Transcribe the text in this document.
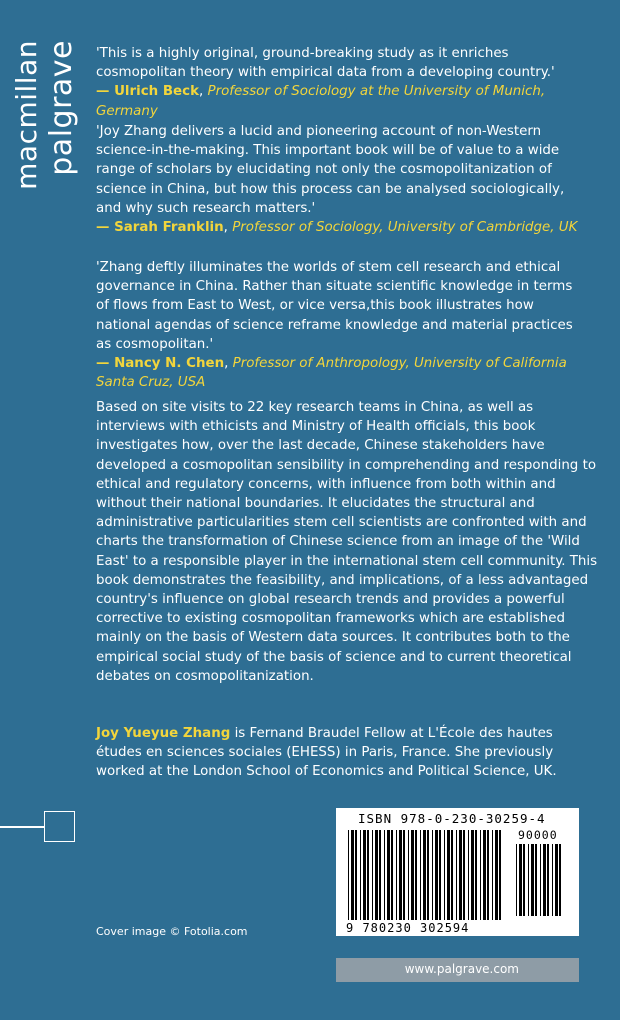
palgrave
macmillan	'This is a highly original, ground-breaking study as it enriches cosmopolitan theory with empirical data from a developing country.'

— Ulrich Beck, Professor of Sociology at the University of Munich, Germany

'Joy Zhang delivers a lucid and pioneering account of non-Western science-in-the-making. This important book will be of value to a wide range of scholars by elucidating not only the cosmopolitanization of science in China, but how this process can be analysed sociologically, and why such research matters.'

— Sarah Franklin, Professor of Sociology, University of Cambridge, UK

'Zhang deftly illuminates the worlds of stem cell research and ethical governance in China. Rather than situate scientific knowledge in terms of flows from East to West, or vice versa,this book illustrates how national agendas of science reframe knowledge and material practices as cosmopolitan.'

— Nancy N. Chen, Professor of Anthropology, University of California Santa Cruz, USA

Based on site visits to 22 key research teams in China, as well as interviews with ethicists and Ministry of Health officials, this book investigates how, over the last decade, Chinese stakeholders have developed a cosmopolitan sensibility in comprehending and responding to ethical and regulatory concerns, with influence from both within and without their national boundaries. It elucidates the structural and administrative particularities stem cell scientists are confronted with and charts the transformation of Chinese science from an image of the 'Wild East' to a responsible player in the international stem cell community. This book demonstrates the feasibility, and implications, of a less advantaged country's influence on global research trends and provides a powerful corrective to existing cosmopolitan frameworks which are established mainly on the basis of Western data sources. It contributes both to the empirical social study of the basis of science and to current theoretical debates on cosmopolitanization.
Joy Yueyue Zhang is Fernand Braudel Fellow at L'École des hautes études en sciences sociales (EHESS) in Paris, France. She previously worked at the London School of Economics and Political Science, UK.
ISBN 978-0-230-30259-4
90000
9 780230 302594
Cover image © Fotolia.com
www.palgrave.com
